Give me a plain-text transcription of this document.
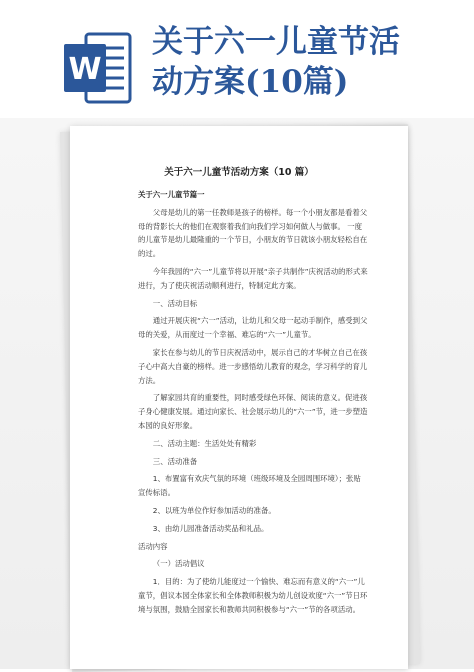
W
关于六一儿童节活
动方案(10篇)
关于六一儿童节活动方案（10 篇）

关于六一儿童节篇一

父母是幼儿的第一任教师是孩子的榜样。每一个小朋友都是看着父母的背影长大的他们在观察着我们向我们学习如何做人与做事。 一度的儿童节是幼儿最隆重的一个节日，小朋友的节日就该小朋友轻松自在的过。

今年我园的“六一”儿童节将以开展“亲子共制作”庆祝活动的形式来进行，为了使庆祝活动顺利进行，特制定此方案。

一、活动目标

通过开展庆祝“六一”活动，让幼儿和父母一起动手制作，感受到父母的关爱，从而度过一个幸福、难忘的“六一”儿童节。

家长在参与幼儿的节日庆祝活动中，展示自己的才华树立自己在孩子心中高大自豪的榜样。进一步感悟幼儿教育的观念，学习科学的育儿方法。

了解家园共育的重要性，同时感受绿色环保、阅读的意义。促进孩子身心健康发展。通过向家长、社会展示幼儿的“六一”节，进一步塑造本园的良好形象。

二、活动主题：生活处处有精彩

三、活动准备

1、布置富有欢庆气氛的环境（班级环境及全园周围环境）；张贴宣传标语。

2、以班为单位作好参加活动的准备。

3、由幼儿园准备活动奖品和礼品。

活动内容

（一）活动倡议

1．目的：为了使幼儿能度过一个愉快、难忘而有意义的“六一”儿童节，倡议本园全体家长和全体教师积极为幼儿创设欢度“六一”节日环境与氛围，鼓励全园家长和教师共同积极参与“六一”节的各项活动。
